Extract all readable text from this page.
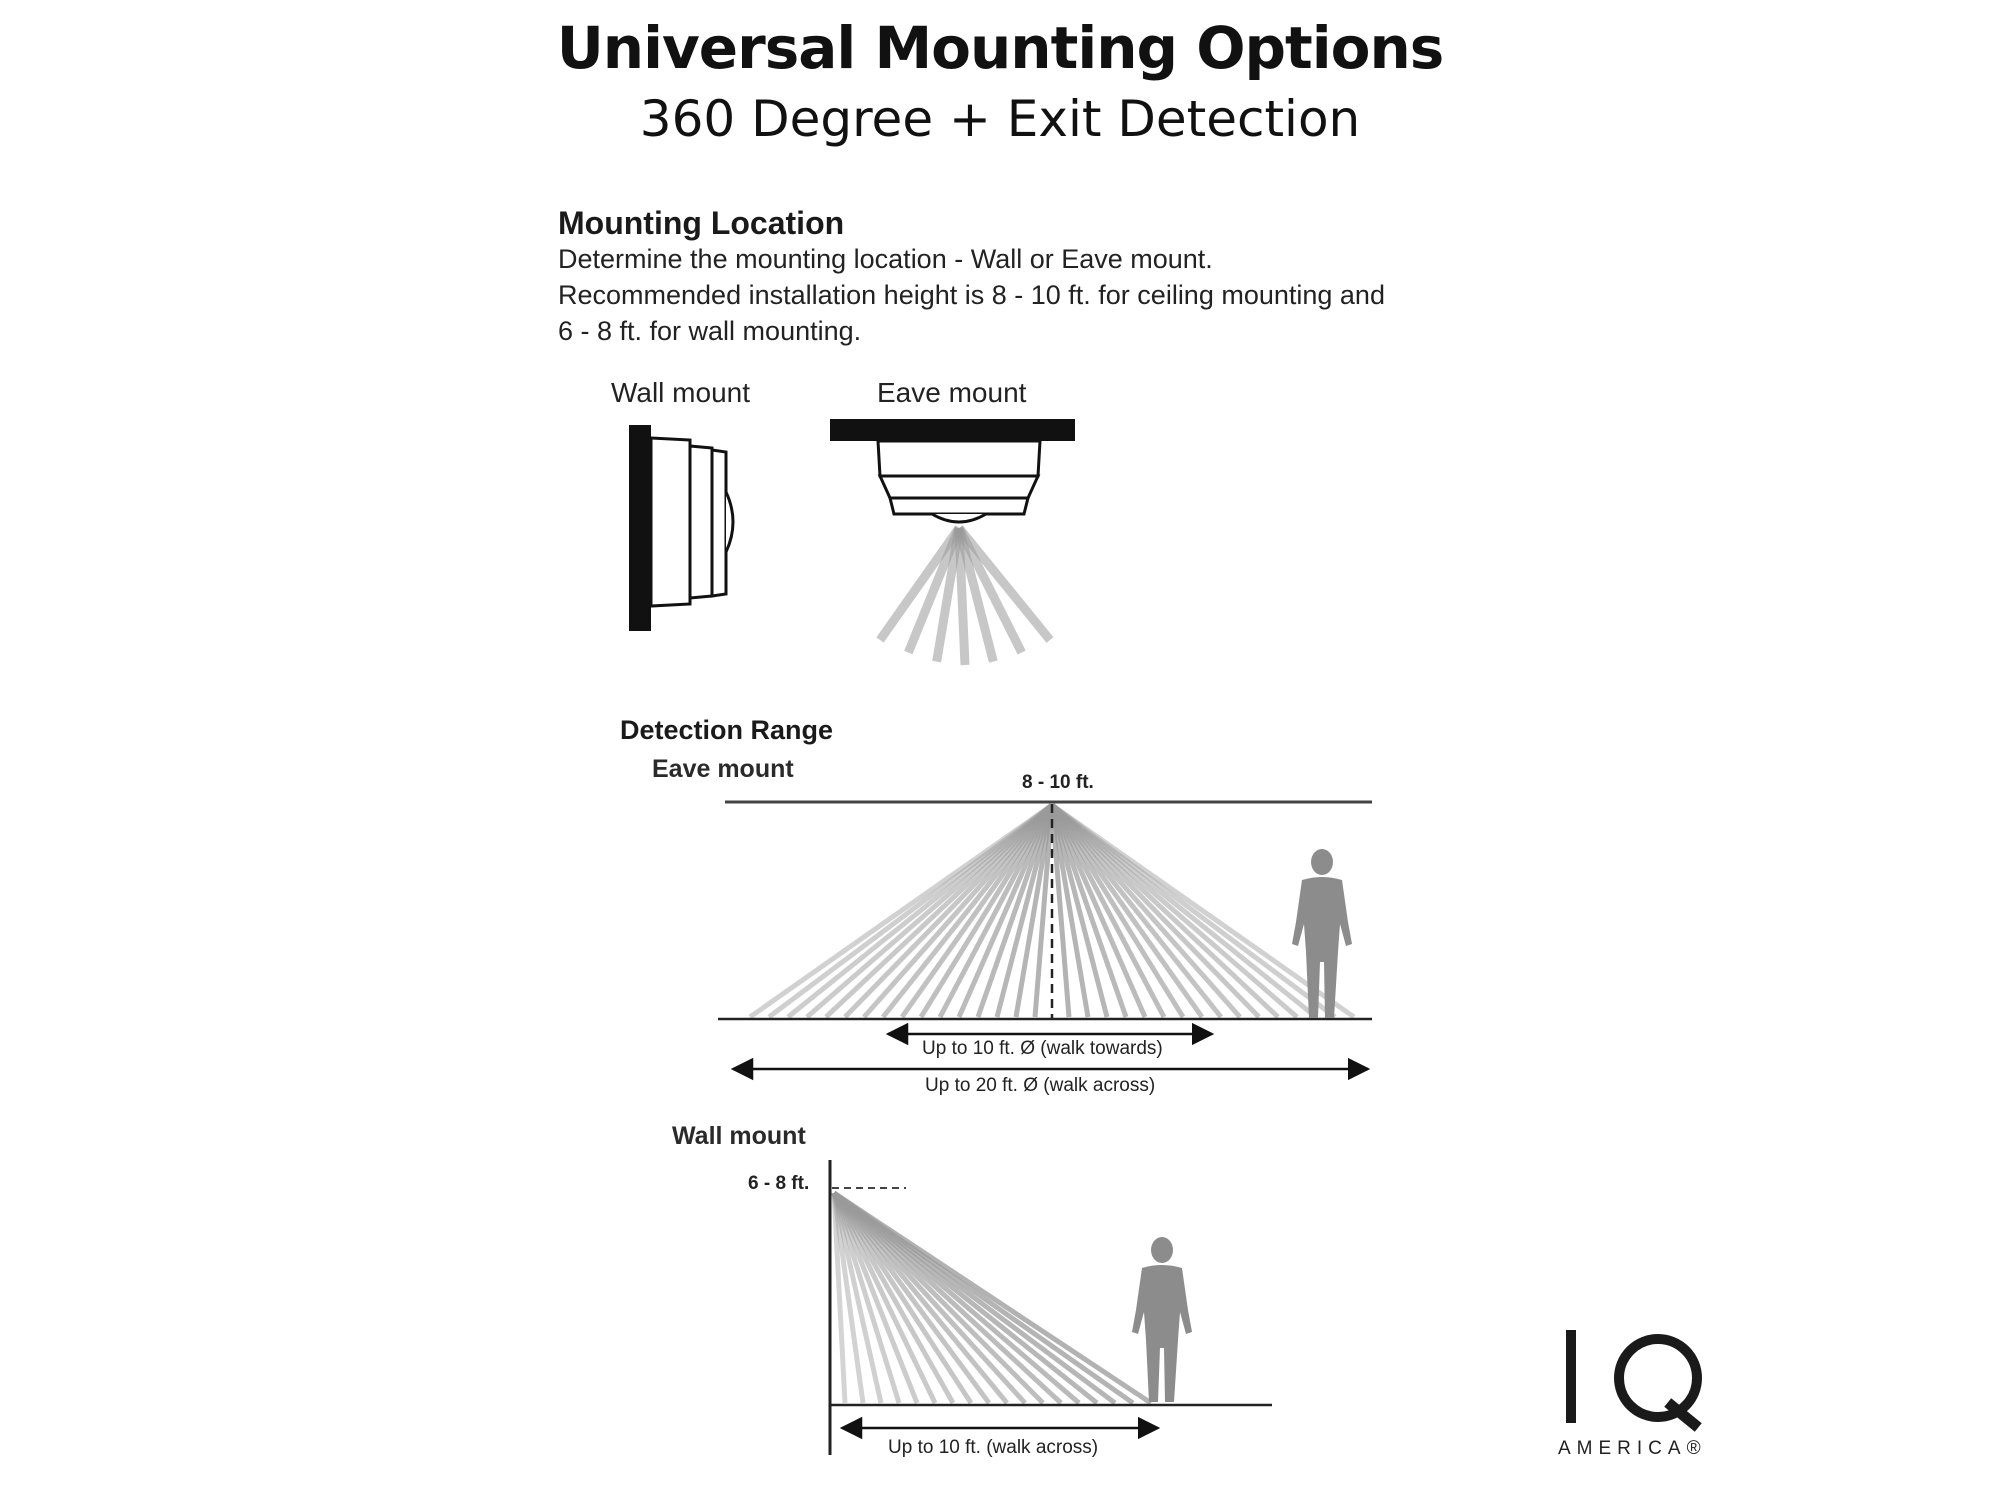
Universal Mounting Options
360 Degree + Exit Detection
Mounting Location
Determine the mounting location - Wall or Eave mount.
Recommended installation height is 8 - 10 ft. for ceiling mounting and
6 - 8 ft. for wall mounting.
Wall mount	Eave mount
Detection Range
Eave mount
Wall mount
8 - 10 ft.
Up to 10 ft. Ø (walk towards)
Up to 20 ft. Ø (walk across)
6 - 8 ft.
Up to 10 ft. (walk across)	AMERICA®
